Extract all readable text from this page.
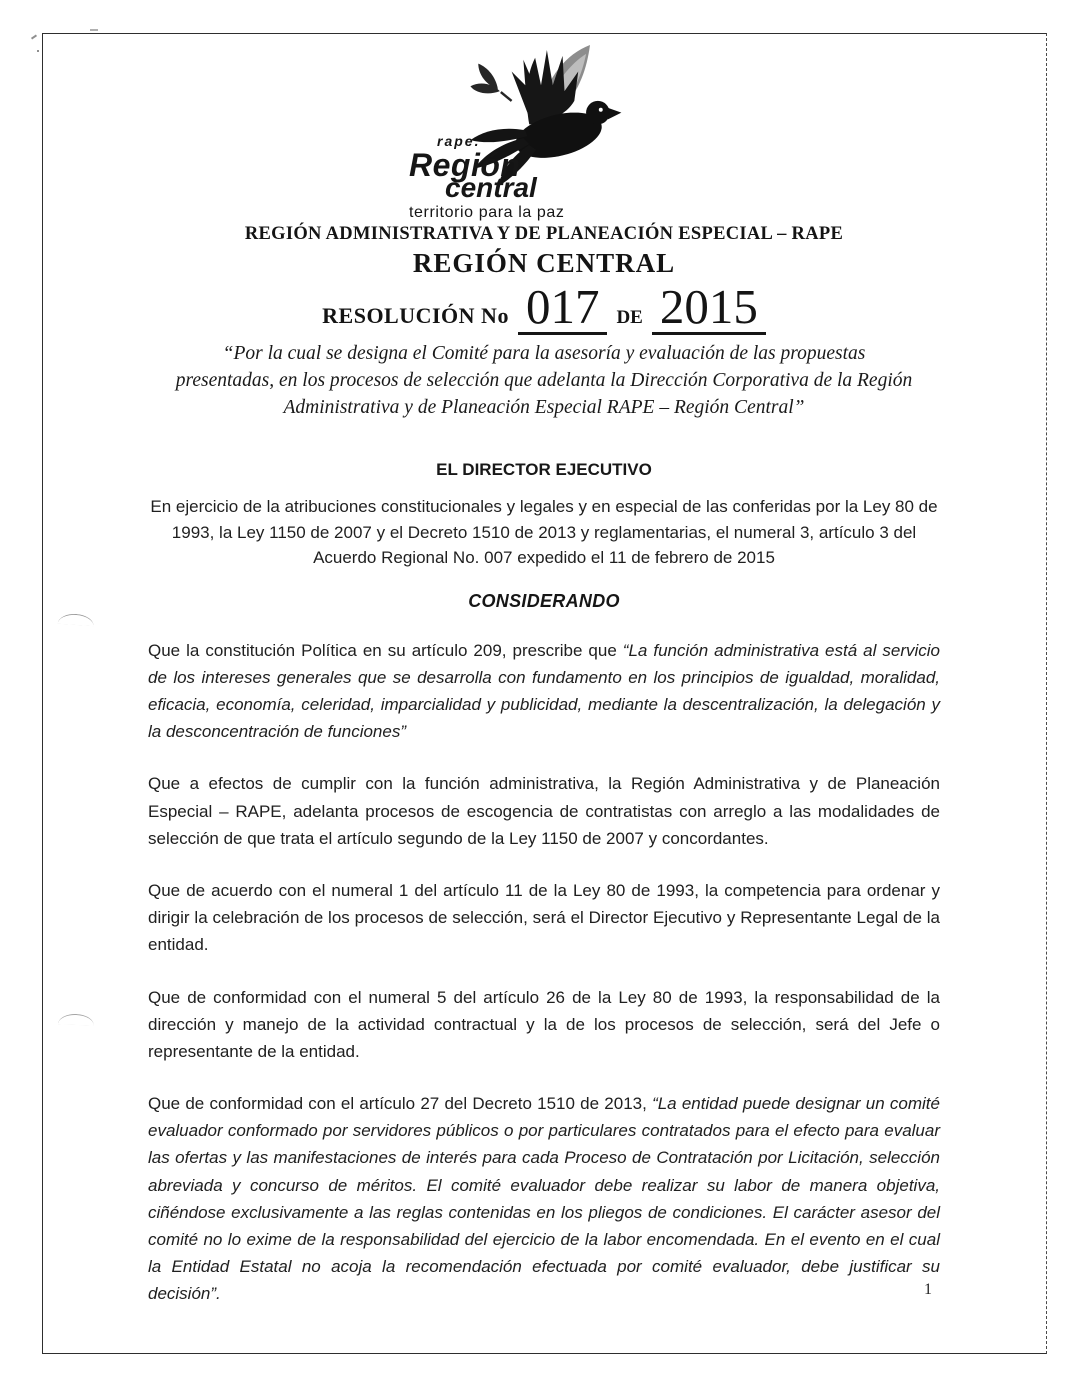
rape.
Región
central
territorio para la paz
REGIÓN ADMINISTRATIVA Y DE PLANEACIÓN ESPECIAL – RAPE
REGIÓN CENTRAL
RESOLUCIÓN No 017 DE 2015
“Por la cual se designa el Comité para la asesoría y evaluación de las propuestas presentadas, en los procesos de selección que adelanta la Dirección Corporativa de la Región Administrativa y de Planeación Especial RAPE – Región Central”
EL DIRECTOR EJECUTIVO
En ejercicio de la atribuciones constitucionales y legales y en especial de las conferidas por la Ley 80 de 1993, la Ley 1150 de 2007 y el Decreto 1510 de 2013 y reglamentarias, el numeral 3, artículo 3 del Acuerdo Regional No. 007 expedido el 11 de febrero de 2015
CONSIDERANDO

Que la constitución Política en su artículo 209, prescribe que “La función administrativa está al servicio de los intereses generales que se desarrolla con fundamento en los principios de igualdad, moralidad, eficacia, economía, celeridad, imparcialidad y publicidad, mediante la descentralización, la delegación y la desconcentración de funciones”

Que a efectos de cumplir con la función administrativa, la Región Administrativa y de Planeación Especial – RAPE, adelanta procesos de escogencia de contratistas con arreglo a las modalidades de selección de que trata el artículo segundo de la Ley 1150 de 2007 y concordantes.

Que de acuerdo con el numeral 1 del artículo 11 de la Ley 80 de 1993, la competencia para ordenar y dirigir la celebración de los procesos de selección, será el Director Ejecutivo y Representante Legal de la entidad.

Que de conformidad con el numeral 5 del artículo 26 de la Ley 80 de 1993, la responsabilidad de la dirección y manejo de la actividad contractual y la de los procesos de selección, será del Jefe o representante de la entidad.

Que de conformidad con el artículo 27 del Decreto 1510 de 2013, “La entidad puede designar un comité evaluador conformado por servidores públicos o por particulares contratados para el efecto para evaluar las ofertas y las manifestaciones de interés para cada Proceso de Contratación por Licitación, selección abreviada y concurso de méritos. El comité evaluador debe realizar su labor de manera objetiva, ciñéndose exclusivamente a las reglas contenidas en los pliegos de condiciones. El carácter asesor del comité no lo exime de la responsabilidad del ejercicio de la labor encomendada. En el evento en el cual la Entidad Estatal no acoja la recomendación efectuada por comité evaluador, debe justificar su decisión”.	1
